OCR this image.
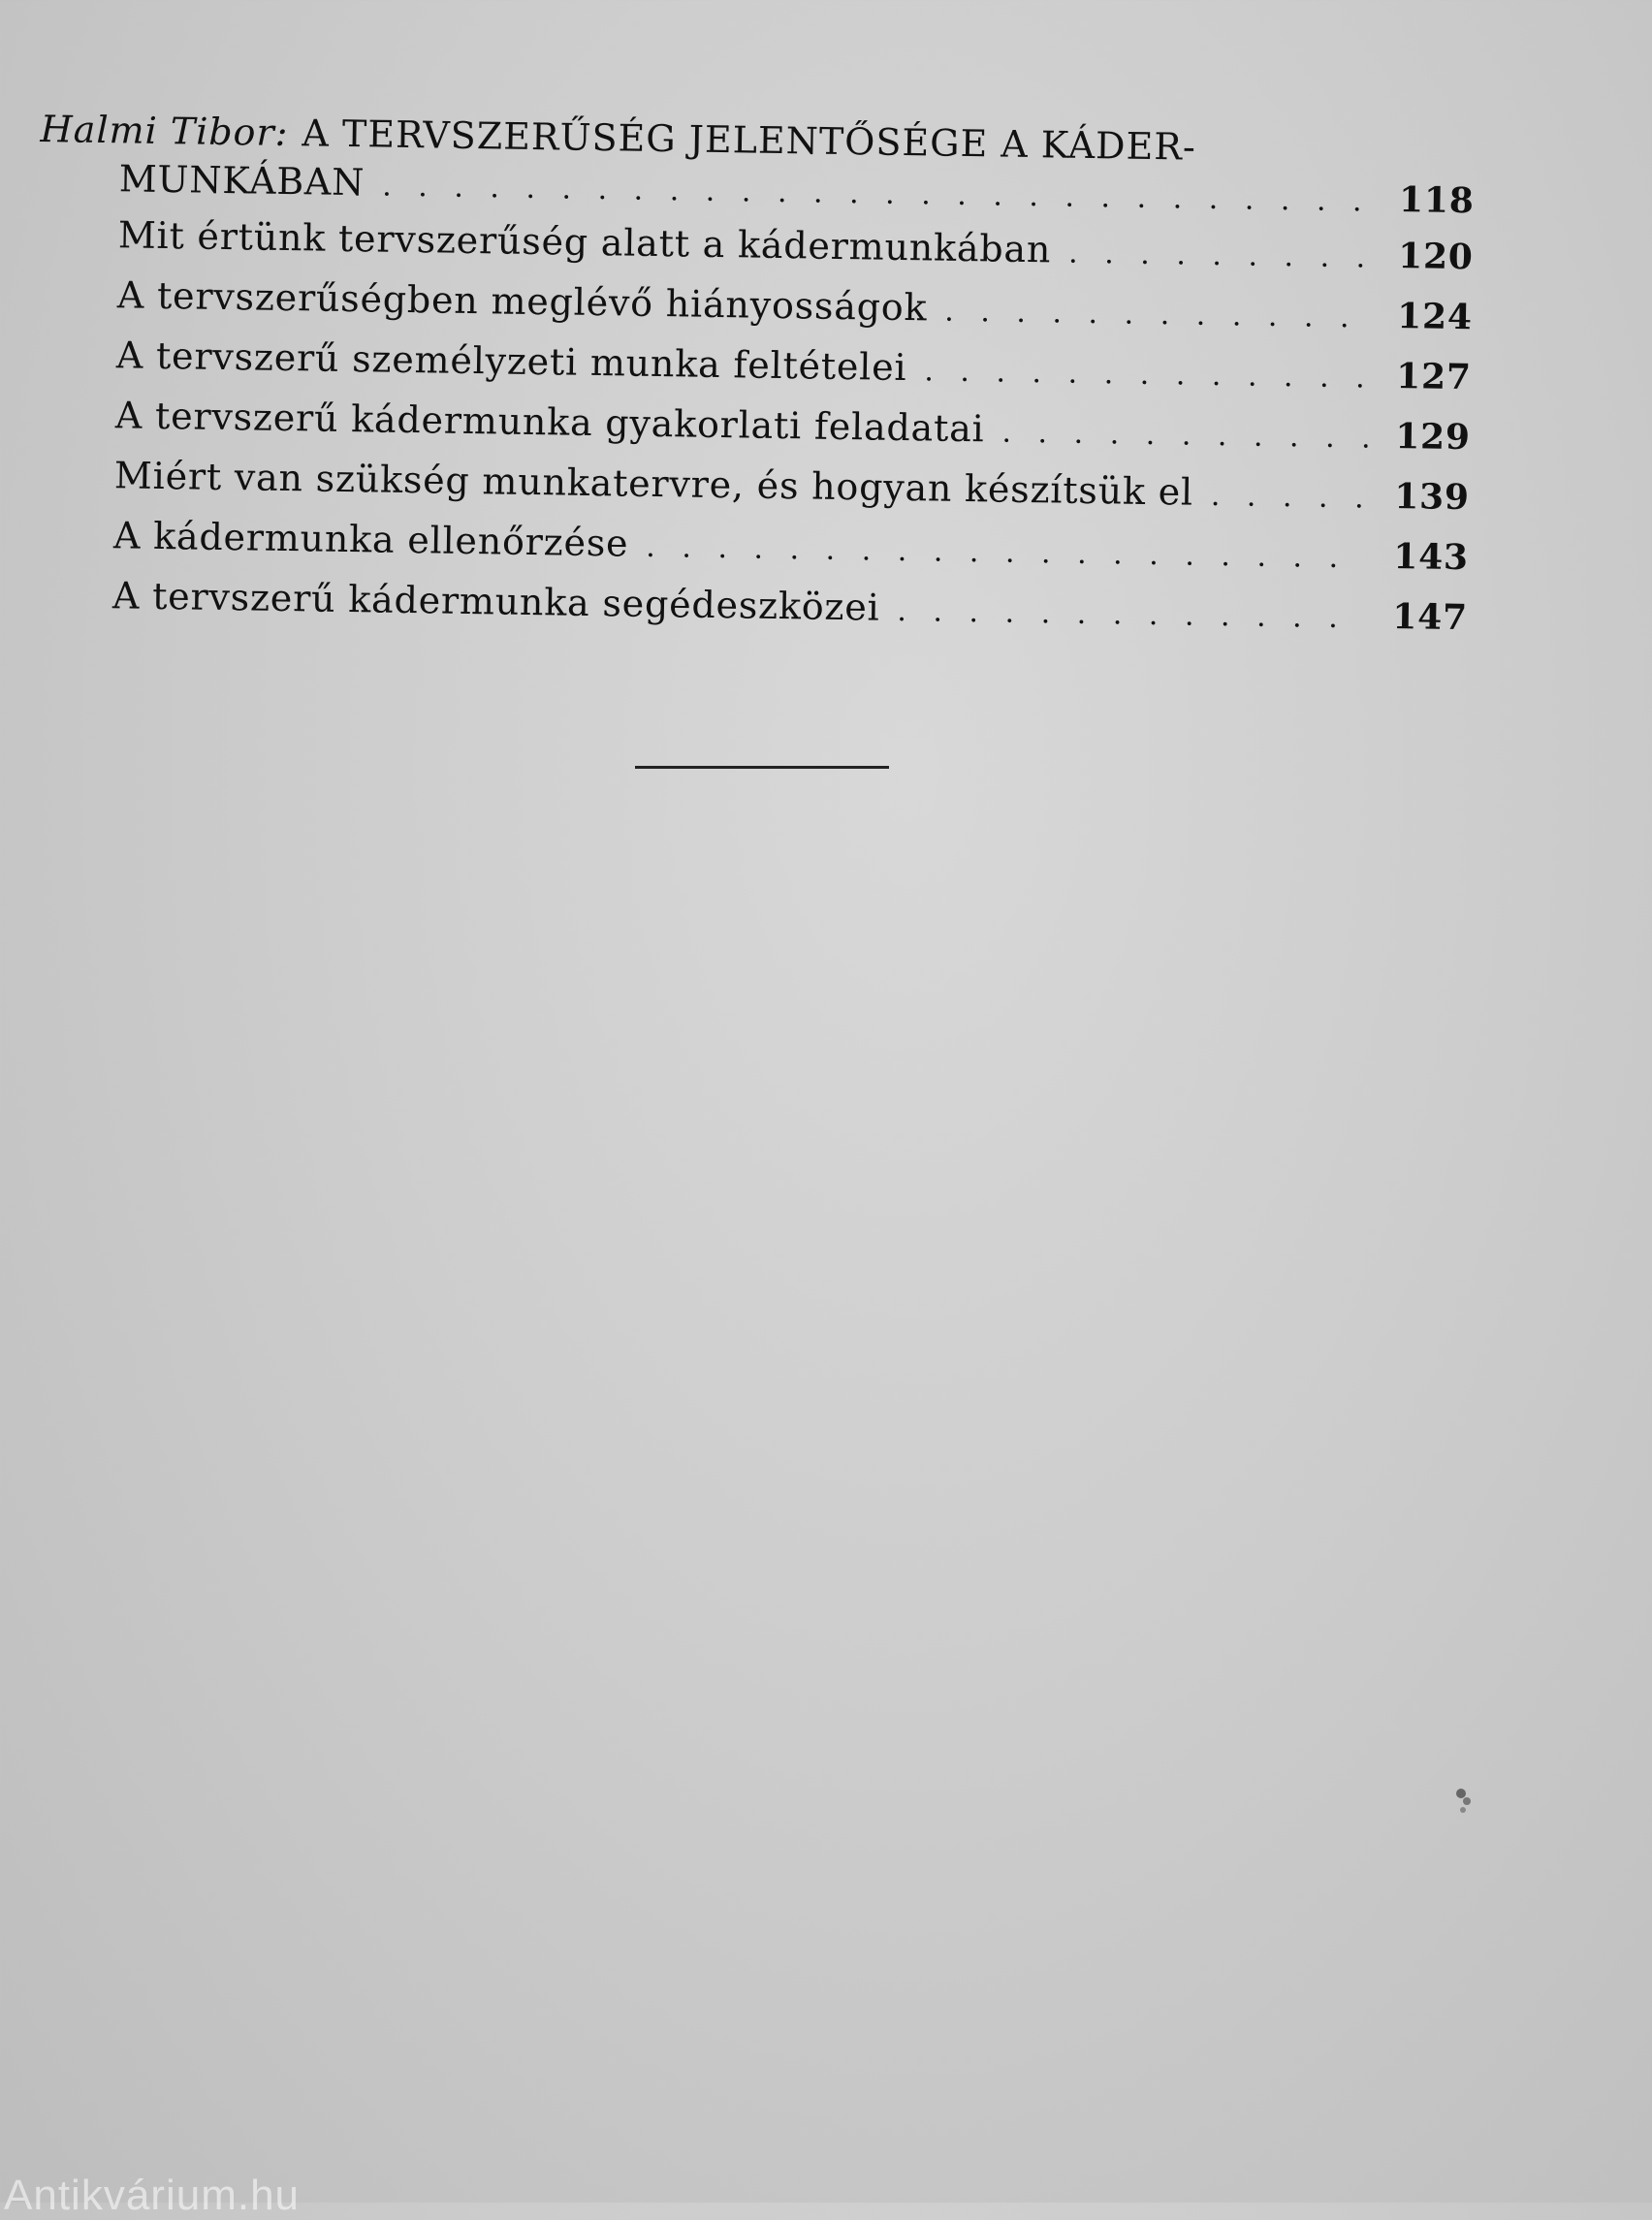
Halmi Tibor: A TERVSZERŰSÉG JELENTŐSÉGE A KÁDER-
MUNKÁBAN . . .	118
Mit értünk tervszerűség alatt a kádermunkában . . .	120
A tervszerűségben meglévő hiányosságok . . .	124
A tervszerű személyzeti munka feltételei . . .	127
A tervszerű kádermunka gyakorlati feladatai . . .	129
Miért van szükség munkatervre, és hogyan készítsük el . . .	139
A kádermunka ellenőrzése . . .	143
A tervszerű kádermunka segédeszközei . . .	147
Antikvárium.hu
